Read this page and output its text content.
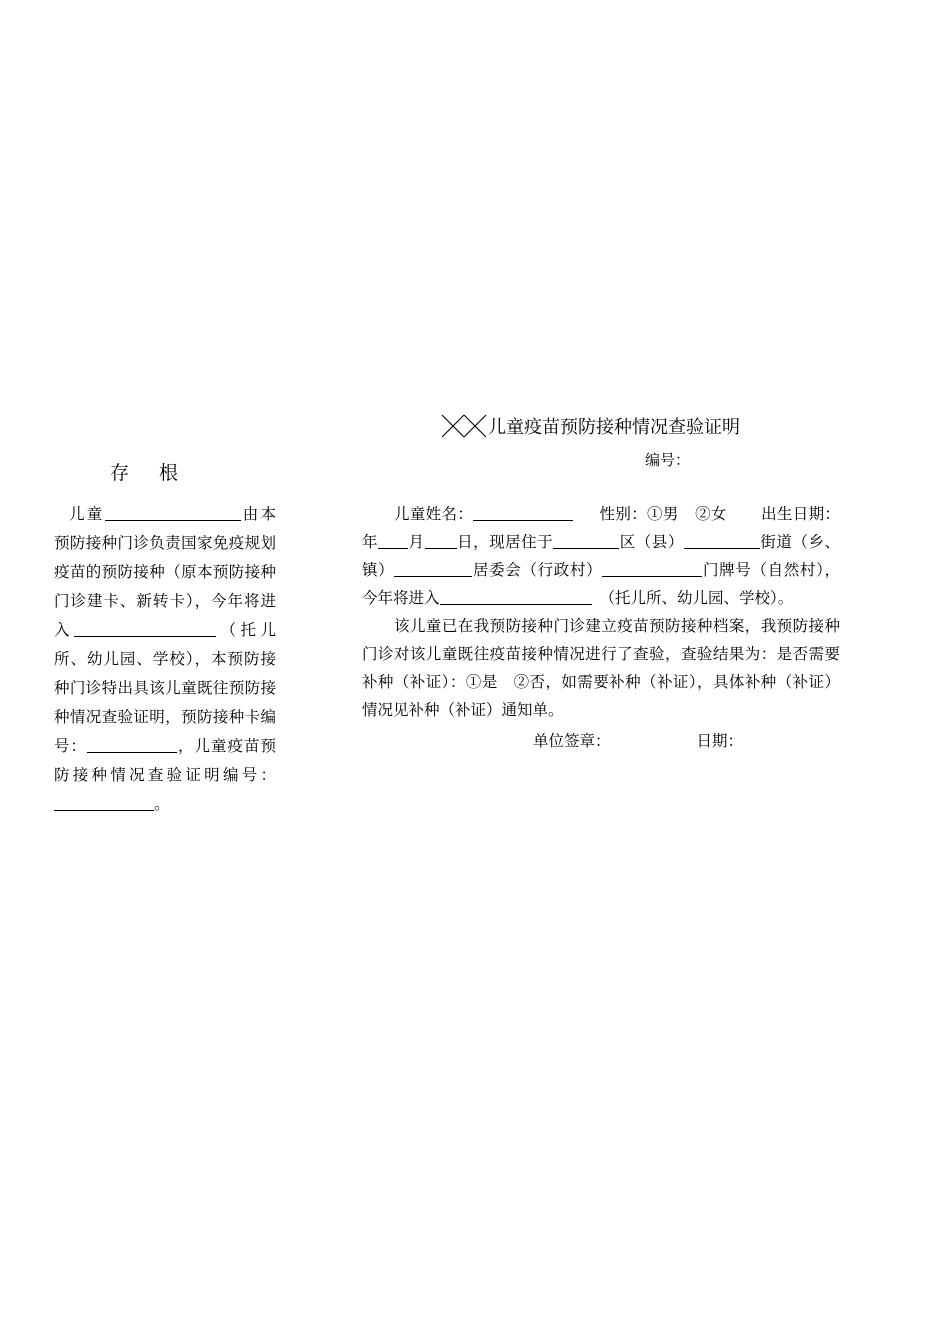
存根

儿童	由本预防接种门诊负责国家免疫规划疫苗的预防接种（原本预防接种门诊建卡、新转卡），今年将进入	（托儿所、幼儿园、学校），本预防接种门诊特出具该儿童既往预防接种情况查验证明，预防接种卡编号：	，儿童疫苗预防接种情况查验证明编号：。

儿童疫苗预防接种情况查验证明
编号：

儿童姓名：	性别：①男 ②女 出生日期：年 月 日，现居住于	区（县）	街道（乡、镇）	居委会（行政村）	门牌号（自然村），今年将进入	（托儿所、幼儿园、学校）。

该儿童已在我预防接种门诊建立疫苗预防接种档案，我预防接种门诊对该儿童既往疫苗接种情况进行了查验，查验结果为：是否需要补种（补证）：①是　②否，如需要补种（补证），具体补种（补证）情况见补种（补证）通知单。

单位签章：	日期：
